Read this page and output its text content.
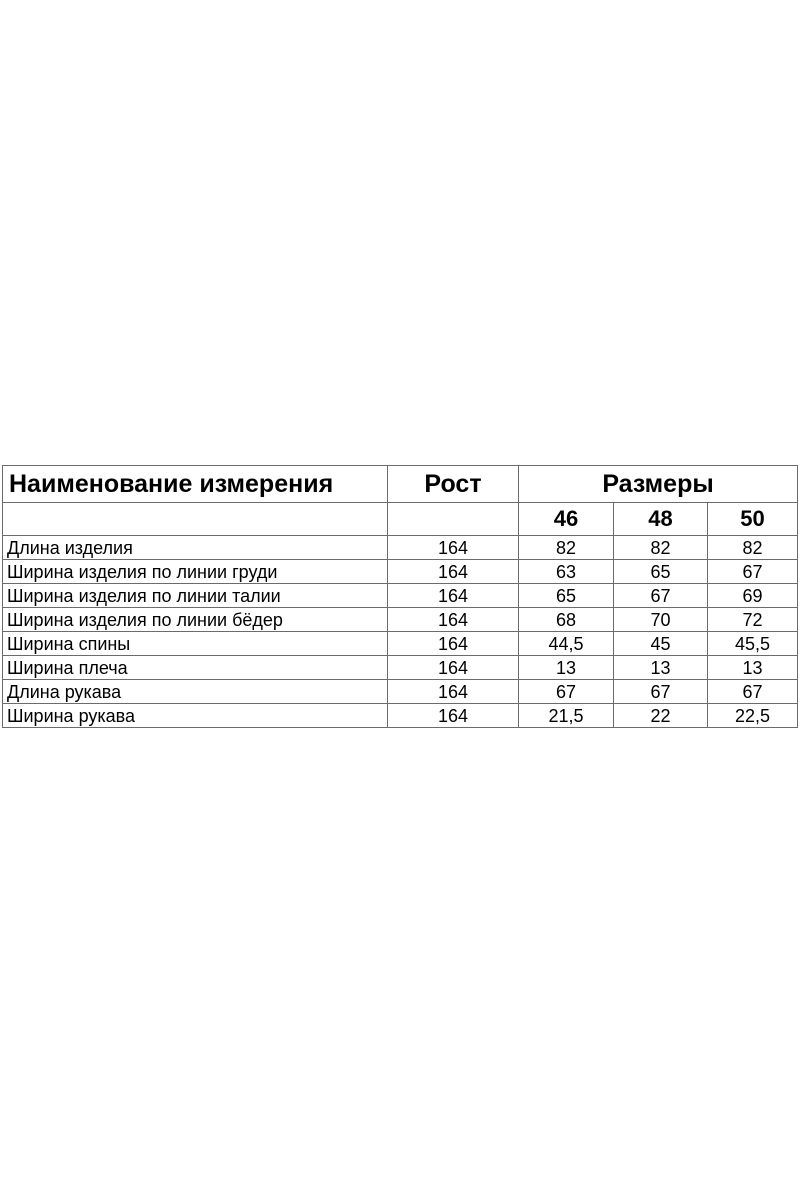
Наименование измерения	Рост	Размеры		
		46	48	50
Длина изделия	164	82	82	82
Ширина изделия по линии груди	164	63	65	67
Ширина изделия по линии талии	164	65	67	69
Ширина изделия по линии бёдер	164	68	70	72
Ширина спины	164	44,5	45	45,5
Ширина плеча	164	13	13	13
Длина рукава	164	67	67	67
Ширина рукава	164	21,5	22	22,5
